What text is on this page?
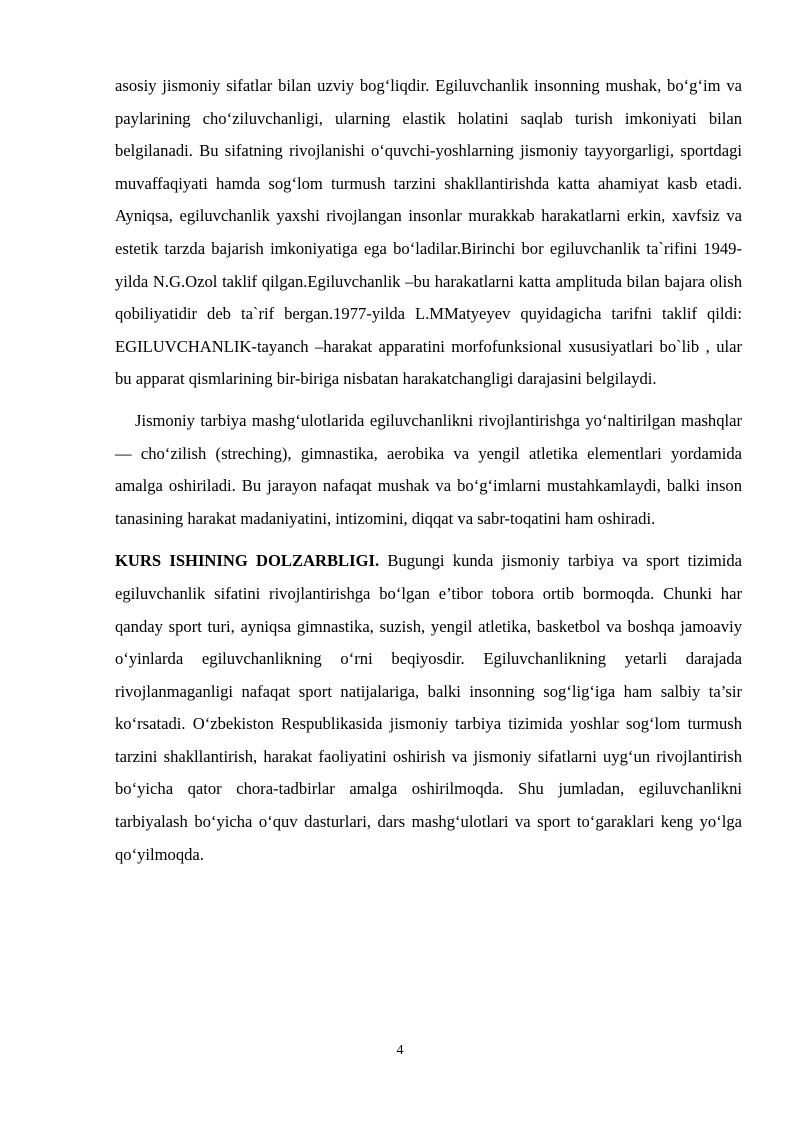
asosiy jismoniy sifatlar bilan uzviy bog‘liqdir. Egiluvchanlik insonning mushak, bo‘g‘im va paylarining cho‘ziluvchanligi, ularning elastik holatini saqlab turish imkoniyati bilan belgilanadi. Bu sifatning rivojlanishi o‘quvchi-yoshlarning jismoniy tayyorgarligi, sportdagi muvaffaqiyati hamda sog‘lom turmush tarzini shakllantirishda katta ahamiyat kasb etadi. Ayniqsa, egiluvchanlik yaxshi rivojlangan insonlar murakkab harakatlarni erkin, xavfsiz va estetik tarzda bajarish imkoniyatiga ega bo‘ladilar.Birinchi bor egiluvchanlik ta`rifini 1949-yilda N.G.Ozol taklif qilgan.Egiluvchanlik –bu harakatlarni katta amplituda bilan bajara olish qobiliyatidir deb ta`rif bergan.1977-yilda L.MMatyeyev quyidagicha tarifni taklif qildi: EGILUVCHANLIK-tayanch –harakat apparatini morfofunksional xususiyatlari bo`lib , ular bu apparat qismlarining bir-biriga nisbatan harakatchangligi darajasini belgilaydi.

Jismoniy tarbiya mashg‘ulotlarida egiluvchanlikni rivojlantirishga yo‘naltirilgan mashqlar — cho‘zilish (streching), gimnastika, aerobika va yengil atletika elementlari yordamida amalga oshiriladi. Bu jarayon nafaqat mushak va bo‘g‘imlarni mustahkamlaydi, balki inson tanasining harakat madaniyatini, intizomini, diqqat va sabr-toqatini ham oshiradi.

KURS ISHINING DOLZARBLIGI. Bugungi kunda jismoniy tarbiya va sport tizimida egiluvchanlik sifatini rivojlantirishga bo‘lgan e’tibor tobora ortib bormoqda. Chunki har qanday sport turi, ayniqsa gimnastika, suzish, yengil atletika, basketbol va boshqa jamoaviy o‘yinlarda egiluvchanlikning o‘rni beqiyosdir. Egiluvchanlikning yetarli darajada rivojlanmaganligi nafaqat sport natijalariga, balki insonning sog‘lig‘iga ham salbiy ta’sir ko‘rsatadi. O‘zbekiston Respublikasida jismoniy tarbiya tizimida yoshlar sog‘lom turmush tarzini shakllantirish, harakat faoliyatini oshirish va jismoniy sifatlarni uyg‘un rivojlantirish bo‘yicha qator chora-tadbirlar amalga oshirilmoqda. Shu jumladan, egiluvchanlikni tarbiyalash bo‘yicha o‘quv dasturlari, dars mashg‘ulotlari va sport to‘garaklari keng yo‘lga qo‘yilmoqda.

4
